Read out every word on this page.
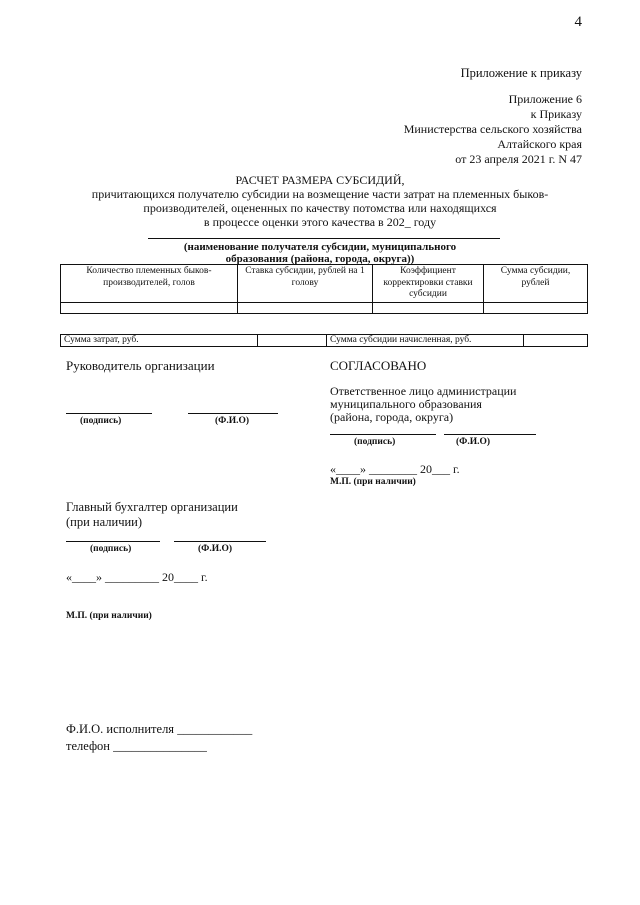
4
Приложение к приказу
Приложение 6
к Приказу
Министерства сельского хозяйства
Алтайского края
от 23 апреля 2021 г. N 47
РАСЧЕТ РАЗМЕРА СУБСИДИЙ,
причитающихся получателю субсидии на возмещение части затрат на племенных быков-
производителей, оцененных по качеству потомства или находящихся
в процессе оценки этого качества в 202_ году
(наименование получателя субсидии, муниципального
образования (района, города, округа))
Количество племенных быков-производителей, голов	Ставка субсидии, рублей на 1 голову	Коэффициент корректировки ставки субсидии	Сумма субсидии, рублей

Сумма затрат, руб.		Сумма субсидии начисленная, руб.	
Руководитель организации
(подпись)	(Ф.И.О)
СОГЛАСОВАНО
Ответственное лицо администрации
муниципального образования
(района, города, округа)
(подпись)	(Ф.И.О)
«____» ________ 20___ г.
М.П. (при наличии)
Главный бухгалтер организации
(при наличии)
(подпись)	(Ф.И.О)
«____» _________ 20____ г.
М.П. (при наличии)
Ф.И.О. исполнителя ____________
телефон _______________
